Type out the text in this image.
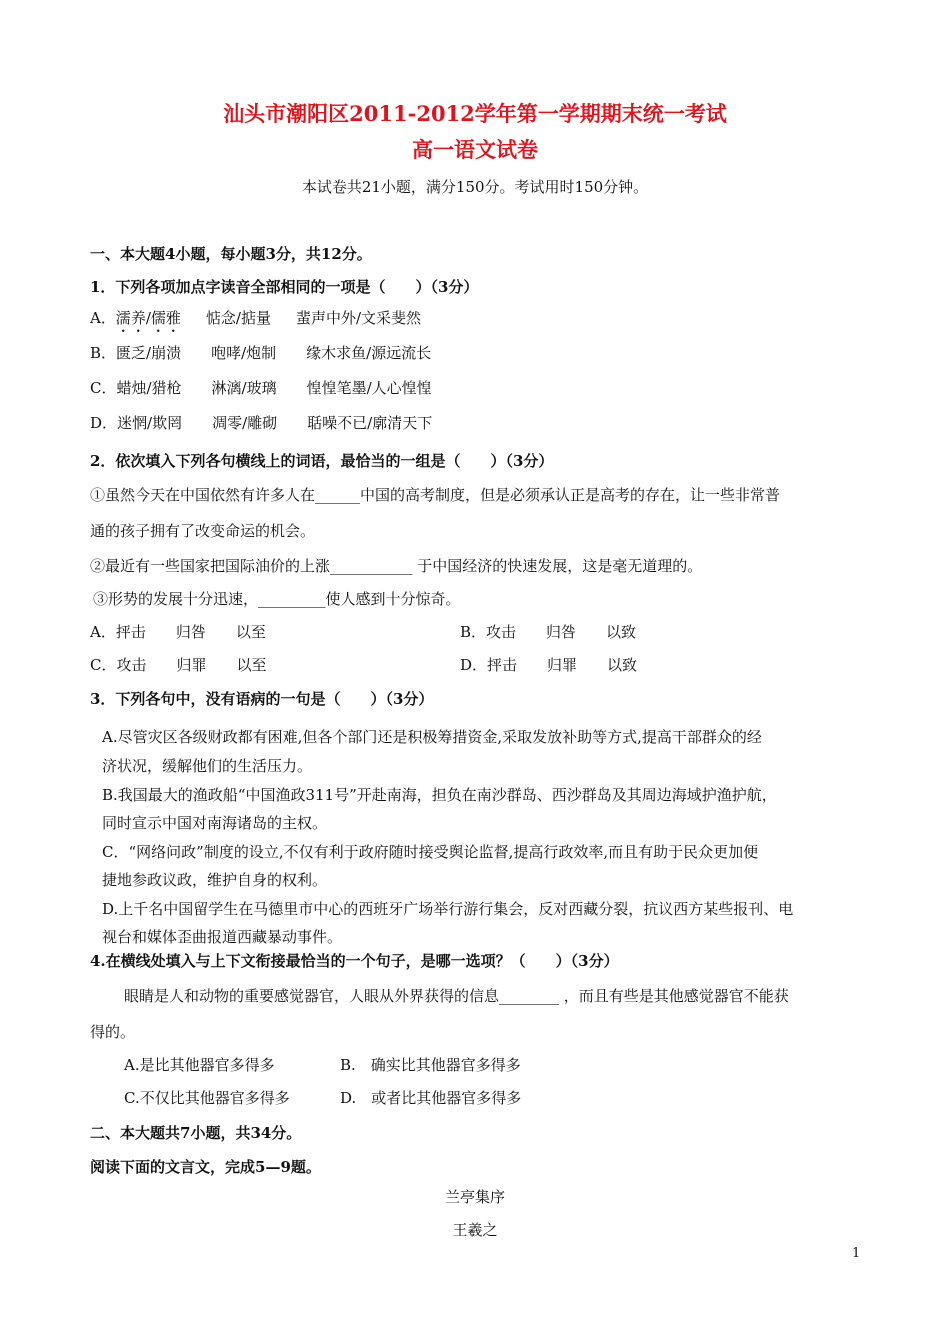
汕头市潮阳区2011-2012学年第一学期期末统一考试
高一语文试卷
本试卷共21小题，满分150分。考试用时150分钟。
一、本大题4小题，每小题3分，共12分。
1．下列各项加点字读音全部相同的一项是（　　）（3分）
A．濡养/儒雅 惦念/掂量 蜚声中外/文采斐然
B．匮乏/崩溃 咆哮/炮制 缘木求鱼/源远流长
C．蜡烛/猎枪 淋漓/玻璃 惶惶笔墨/人心惶惶
D．迷惘/欺罔 凋零/雕砌 聒噪不已/廓清天下
2．依次填入下列各句横线上的词语，最恰当的一组是（　　）（3分）
①虽然今天在中国依然有许多人在______中国的高考制度，但是必须承认正是高考的存在，让一些非常普
通的孩子拥有了改变命运的机会。
②最近有一些国家把国际油价的上涨___________ 于中国经济的快速发展，这是毫无道理的。
③形势的发展十分迅速，_________使人感到十分惊奇。
A．抨击　　归咎　　以至	B．攻击　　归咎　　以致
C．攻击　　归罪　　以至	D．抨击　　归罪　　以致
3．下列各句中，没有语病的一句是（　　）（3分）
A.尽管灾区各级财政都有困难,但各个部门还是积极筹措资金,采取发放补助等方式,提高干部群众的经
济状况，缓解他们的生活压力。
B.我国最大的渔政船“中国渔政311号”开赴南海，担负在南沙群岛、西沙群岛及其周边海域护渔护航，
同时宣示中国对南海诸岛的主权。
C．“网络问政”制度的设立,不仅有利于政府随时接受舆论监督,提高行政效率,而且有助于民众更加便
捷地参政议政，维护自身的权利。
D.上千名中国留学生在马德里市中心的西班牙广场举行游行集会，反对西藏分裂，抗议西方某些报刊、电
视台和媒体歪曲报道西藏暴动事件。
4.在横线处填入与上下文衔接最恰当的一个句子，是哪一选项？（　　）（3分）
眼睛是人和动物的重要感觉器官，人眼从外界获得的信息________ ，而且有些是其他感觉器官不能获
得的。
A.是比其他器官多得多	B.　确实比其他器官多得多
C.不仅比其他器官多得多	D.　或者比其他器官多得多
二、本大题共7小题，共34分。
阅读下面的文言文，完成5—9题。
兰亭集序
王羲之
1
